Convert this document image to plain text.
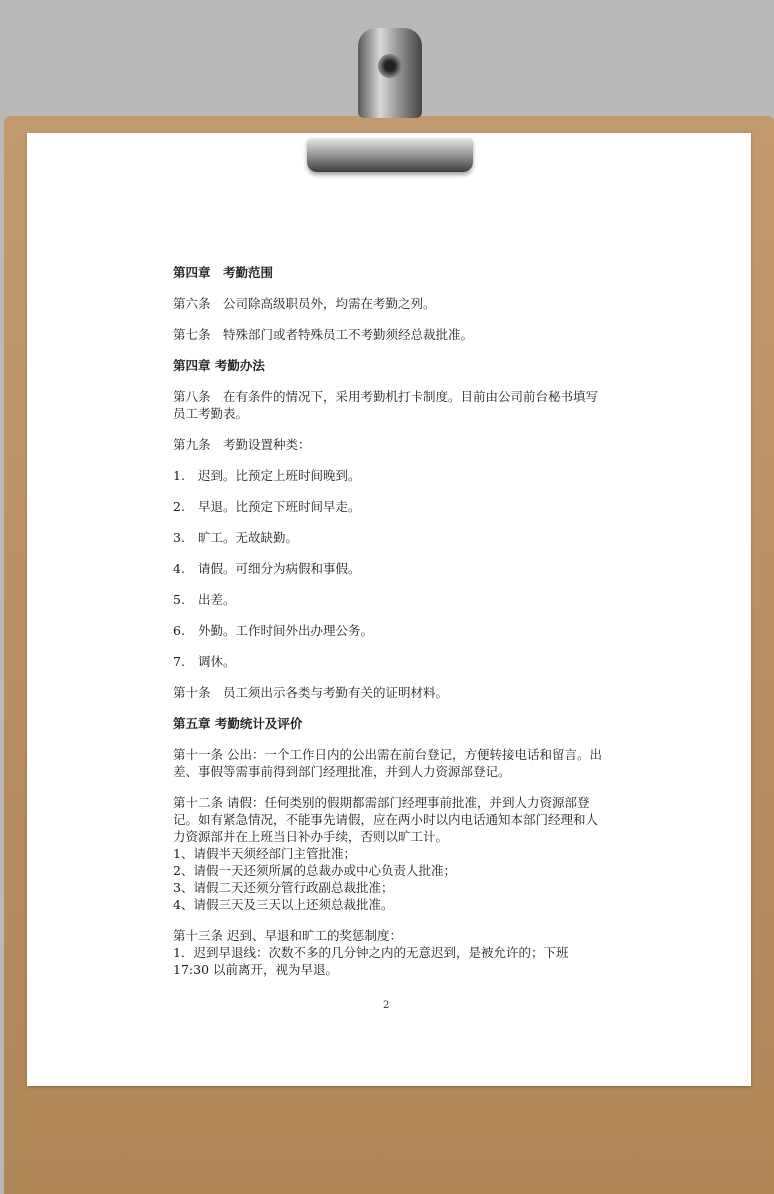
第四章　考勤范围

第六条　公司除高级职员外，均需在考勤之列。

第七条　特殊部门或者特殊员工不考勤须经总裁批准。

第四章 考勤办法

第八条　在有条件的情况下，采用考勤机打卡制度。目前由公司前台秘书填写员工考勤表。

第九条　考勤设置种类：

1.	迟到。比预定上班时间晚到。
2.	早退。比预定下班时间早走。
3.	旷工。无故缺勤。
4.	请假。可细分为病假和事假。
5.	出差。
6.	外勤。工作时间外出办理公务。
7.	调休。

第十条　员工须出示各类与考勤有关的证明材料。

第五章 考勤统计及评价

第十一条 公出：一个工作日内的公出需在前台登记，方便转接电话和留言。出差、事假等需事前得到部门经理批准，并到人力资源部登记。

第十二条 请假：任何类别的假期都需部门经理事前批准，并到人力资源部登记。如有紧急情况，不能事先请假，应在两小时以内电话通知本部门经理和人力资源部并在上班当日补办手续，否则以旷工计。

1、请假半天须经部门主管批准；

2、请假一天还须所属的总裁办或中心负责人批准；

3、请假二天还须分管行政副总裁批准；

4、请假三天及三天以上还须总裁批准。

第十三条 迟到、早退和旷工的奖惩制度：

1．迟到早退线：次数不多的几分钟之内的无意迟到，是被允许的；下班 17:30 以前离开，视为早退。

2
